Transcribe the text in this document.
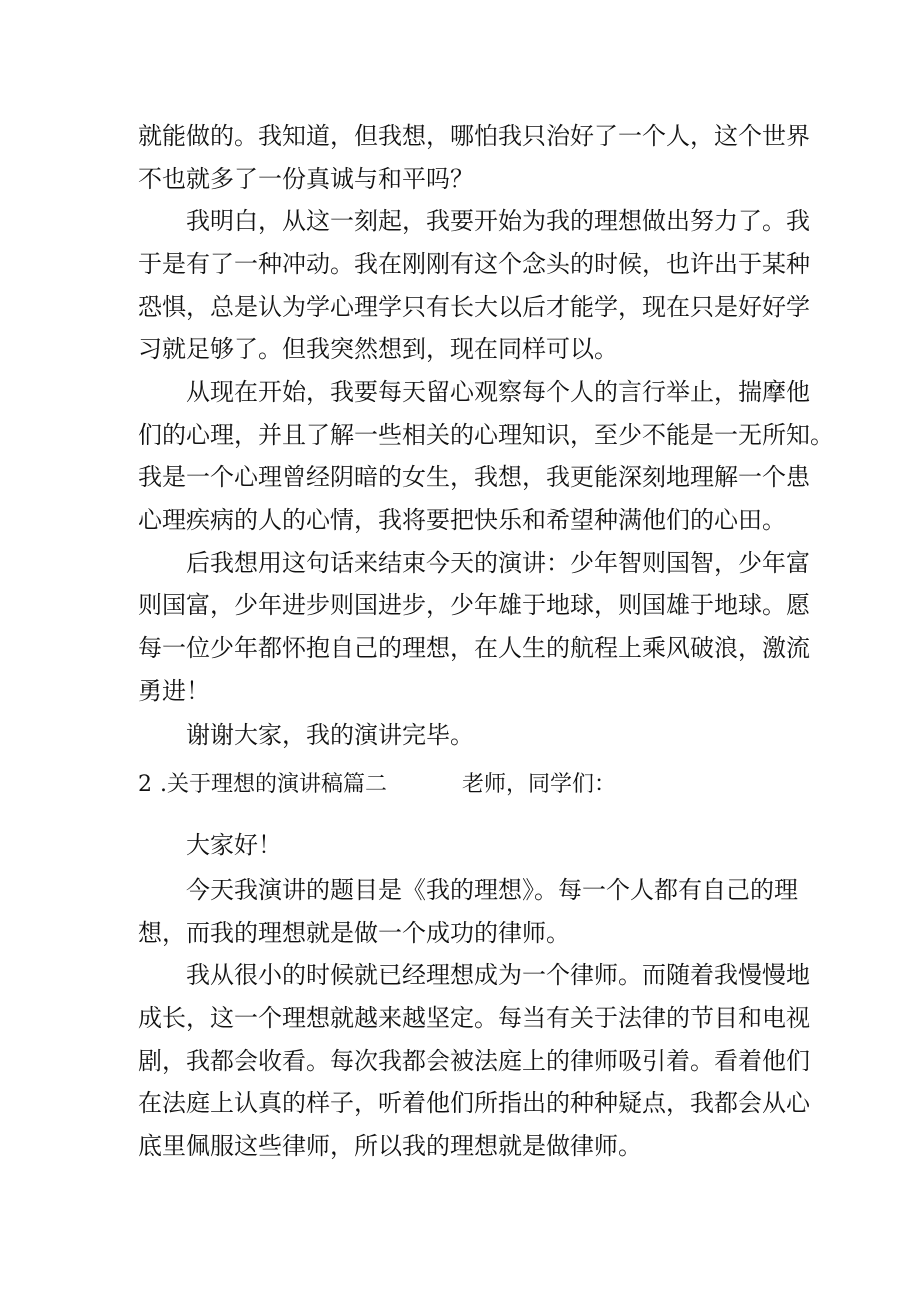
就能做的。我知道，但我想，哪怕我只治好了一个人，这个世界
不也就多了一份真诚与和平吗？
我明白，从这一刻起，我要开始为我的理想做出努力了。我
于是有了一种冲动。我在刚刚有这个念头的时候，也许出于某种
恐惧，总是认为学心理学只有长大以后才能学，现在只是好好学
习就足够了。但我突然想到，现在同样可以。
从现在开始，我要每天留心观察每个人的言行举止，揣摩他
们的心理，并且了解一些相关的心理知识，至少不能是一无所知。
我是一个心理曾经阴暗的女生，我想，我更能深刻地理解一个患
心理疾病的人的心情，我将要把快乐和希望种满他们的心田。
后我想用这句话来结束今天的演讲：少年智则国智，少年富
则国富，少年进步则国进步，少年雄于地球，则国雄于地球。愿
每一位少年都怀抱自己的理想，在人生的航程上乘风破浪，激流
勇进！
谢谢大家，我的演讲完毕。
2 .关于理想的演讲稿篇二	老师，同学们：
大家好！
今天我演讲的题目是《我的理想》。每一个人都有自己的理
想，而我的理想就是做一个成功的律师。
我从很小的时候就已经理想成为一个律师。而随着我慢慢地
成长，这一个理想就越来越坚定。每当有关于法律的节目和电视
剧，我都会收看。每次我都会被法庭上的律师吸引着。看着他们
在法庭上认真的样子，听着他们所指出的种种疑点，我都会从心
底里佩服这些律师，所以我的理想就是做律师。
